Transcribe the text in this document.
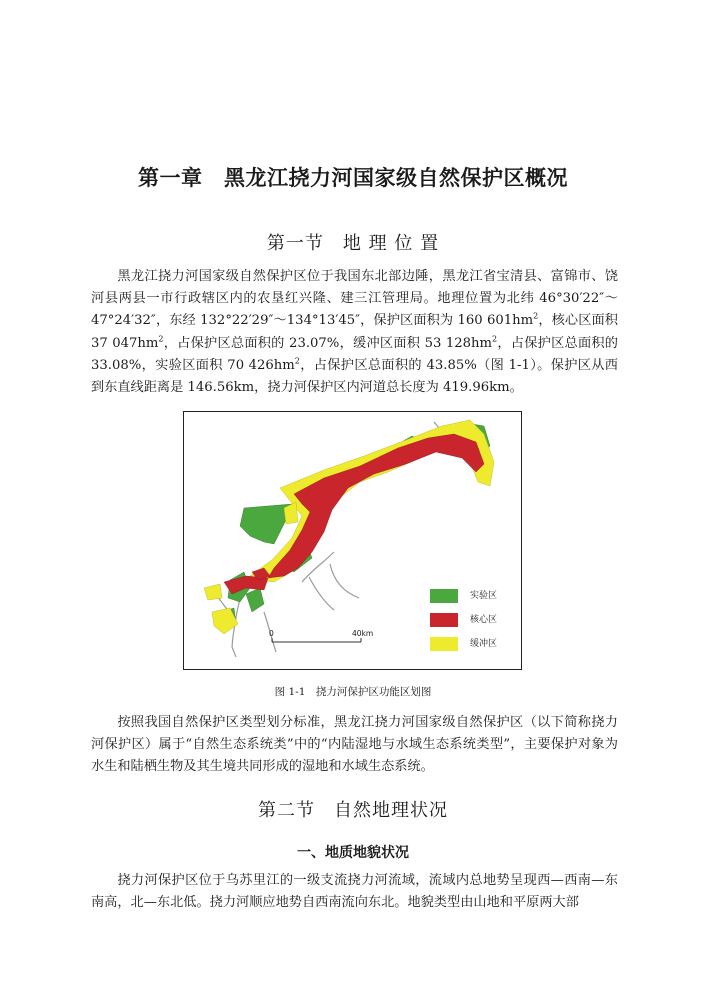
第一章　黑龙江挠力河国家级自然保护区概况
第一节　地 理 位 置

黑龙江挠力河国家级自然保护区位于我国东北部边陲，黑龙江省宝清县、富锦市、饶河县两县一市行政辖区内的农垦红兴隆、建三江管理局。地理位置为北纬 46°30′22″～47°24′32″，东经 132°22′29″～134°13′45″，保护区面积为 160 $601hm^2$，核心区面积 37 $047hm^2$，占保护区总面积的 23.07%，缓冲区面积 53 $128hm^2$，占保护区总面积的 33.08%，实验区面积 70 $426hm^2$，占保护区总面积的 43.85%（图 1-1）。保护区从西到东直线距离是 146.56km，挠力河保护区内河道总长度为 419.96km。

0	40km
实验区
核心区
缓冲区
图 1-1　挠力河保护区功能区划图

按照我国自然保护区类型划分标准，黑龙江挠力河国家级自然保护区（以下简称挠力河保护区）属于“自然生态系统类”中的“内陆湿地与水域生态系统类型”，主要保护对象为水生和陆栖生物及其生境共同形成的湿地和水域生态系统。

第二节　自然地理状况
一、地质地貌状况

挠力河保护区位于乌苏里江的一级支流挠力河流域，流域内总地势呈现西—西南—东南高，北—东北低。挠力河顺应地势自西南流向东北。地貌类型由山地和平原两大部
